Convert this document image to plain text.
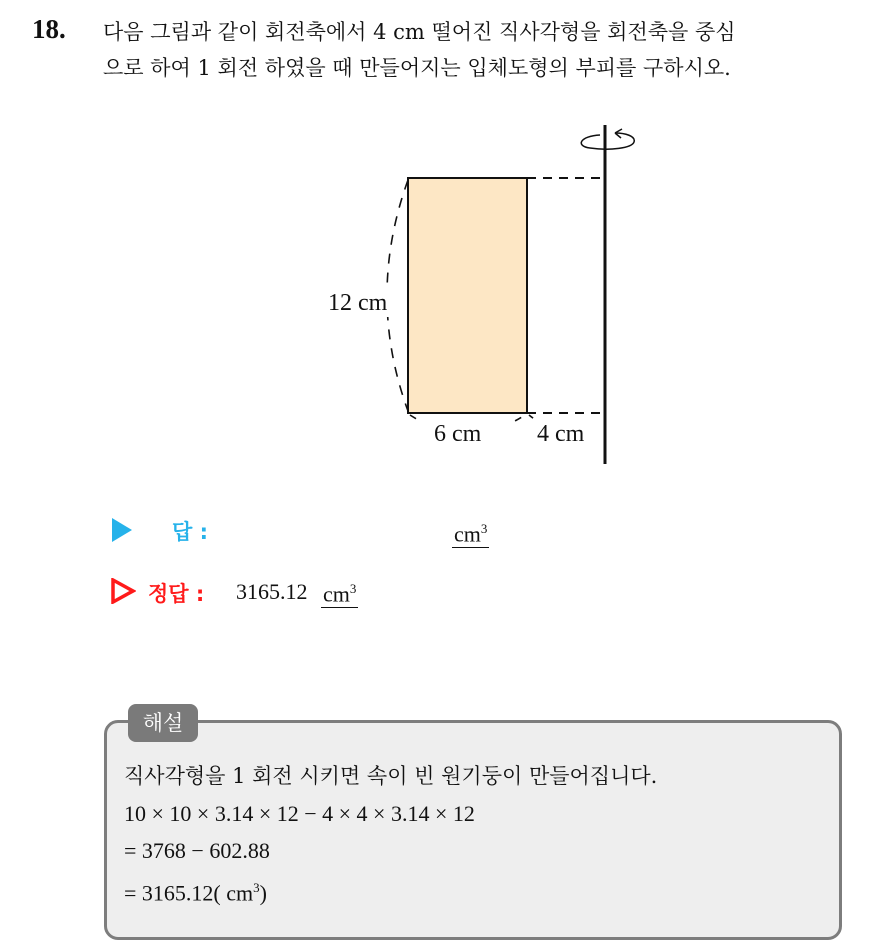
18. 다음 그림과 같이 회전축에서 4 cm 떨어진 직사각형을 회전축을 중심
으로 하여 1 회전 하였을 때 만들어지는 입체도형의 부피를 구하시오.
12 cm
6 cm 4 cm
답 :	$cm^3$
정답 : 3165.12 $cm^3$
해설
직사각형을 1 회전 시키면 속이 빈 원기둥이 만들어집니다.
10 × 10 × 3.14 × 12 − 4 × 4 × 3.14 × 12
= 3768 − 602.88
= 3165.12( $cm^3$)
